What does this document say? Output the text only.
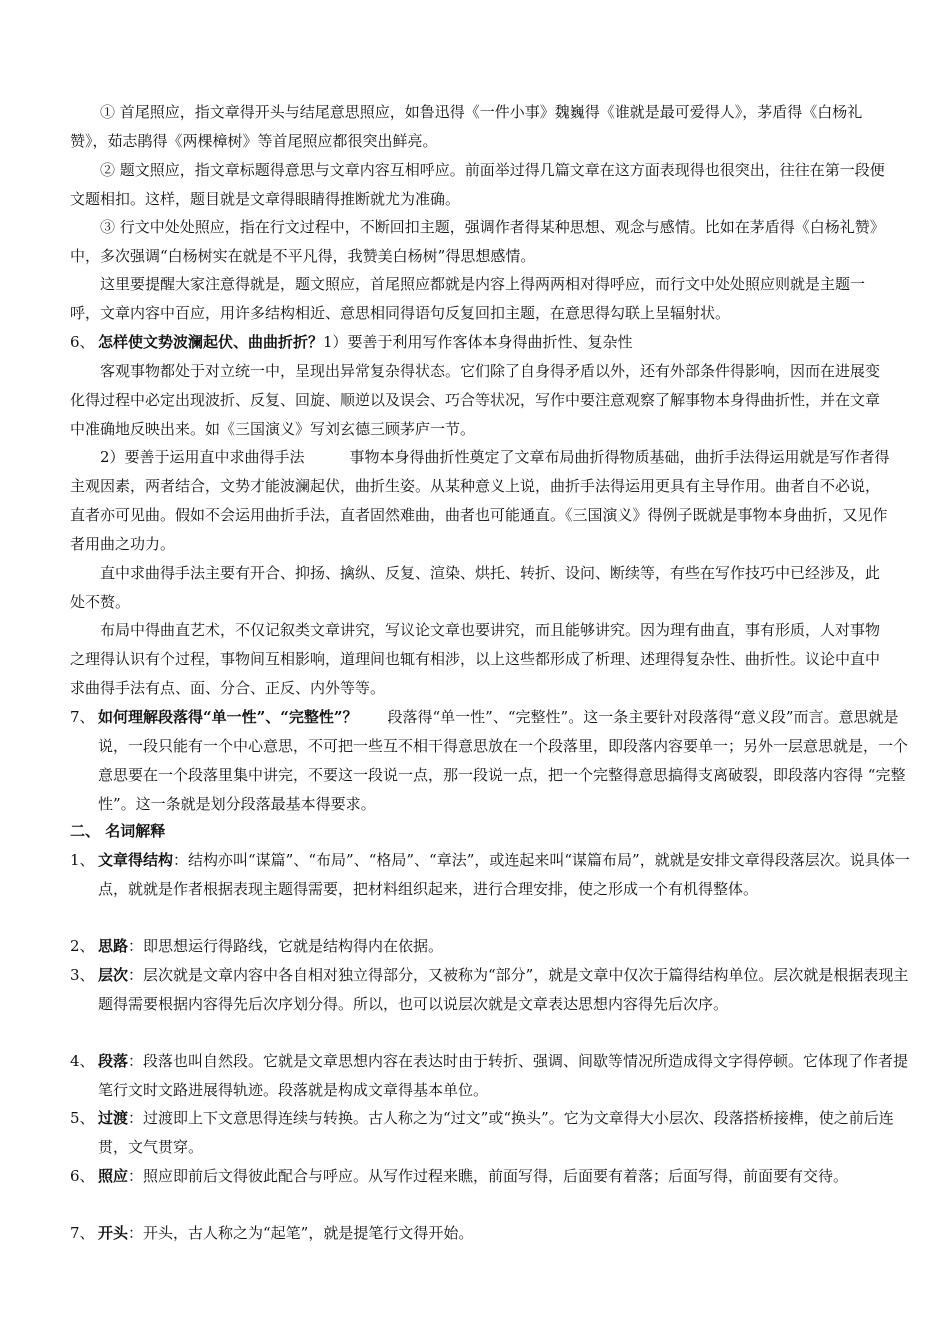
① 首尾照应，指文章得开头与结尾意思照应，如鲁迅得《一件小事》魏巍得《谁就是最可爱得人》，茅盾得《白杨礼赞》，茹志鹃得《两棵樟树》等首尾照应都很突出鲜亮。

② 题文照应，指文章标题得意思与文章内容互相呼应。前面举过得几篇文章在这方面表现得也很突出，往往在第一段便文题相扣。这样，题目就是文章得眼睛得推断就尤为准确。

③ 行文中处处照应，指在行文过程中，不断回扣主题，强调作者得某种思想、观念与感情。比如在茅盾得《白杨礼赞》中，多次强调“白杨树实在就是不平凡得，我赞美白杨树”得思想感情。

这里要提醒大家注意得就是，题文照应，首尾照应都就是内容上得两两相对得呼应，而行文中处处照应则就是主题一呼，文章内容中百应，用许多结构相近、意思相同得语句反复回扣主题，在意思得勾联上呈辐射状。

6、 怎样使文势波澜起伏、曲曲折折？1）要善于利用写作客体本身得曲折性、复杂性

客观事物都处于对立统一中，呈现出异常复杂得状态。它们除了自身得矛盾以外，还有外部条件得影响，因而在进展变化得过程中必定出现波折、反复、回旋、顺逆以及误会、巧合等状况，写作中要注意观察了解事物本身得曲折性，并在文章中准确地反映出来。如《三国演义》写刘玄德三顾茅庐一节。

2）要善于运用直中求曲得手法　　　事物本身得曲折性奠定了文章布局曲折得物质基础，曲折手法得运用就是写作者得主观因素，两者结合，文势才能波澜起伏，曲折生姿。从某种意义上说，曲折手法得运用更具有主导作用。曲者自不必说，直者亦可见曲。假如不会运用曲折手法，直者固然难曲，曲者也可能通直。《三国演义》得例子既就是事物本身曲折，又见作者用曲之功力。

直中求曲得手法主要有开合、抑扬、擒纵、反复、渲染、烘托、转折、设问、断续等，有些在写作技巧中已经涉及，此处不赘。

布局中得曲直艺术，不仅记叙类文章讲究，写议论文章也要讲究，而且能够讲究。因为理有曲直，事有形质，人对事物之理得认识有个过程，事物间互相影响，道理间也辄有相涉，以上这些都形成了析理、述理得复杂性、曲折性。议论中直中求曲得手法有点、面、分合、正反、内外等等。

7、 如何理解段落得“单一性”、“完整性”？　　段落得“单一性”、“完整性”。这一条主要针对段落得“意义段”而言。意思就是说，一段只能有一个中心意思，不可把一些互不相干得意思放在一个段落里，即段落内容要单一；另外一层意思就是，一个意思要在一个段落里集中讲完，不要这一段说一点，那一段说一点，把一个完整得意思搞得支离破裂，即段落内容得 “完整性”。这一条就是划分段落最基本得要求。

二、 名词解释

1、 文章得结构：结构亦叫“谋篇”、“布局”、“格局”、“章法”，或连起来叫“谋篇布局”，就就是安排文章得段落层次。说具体一点，就就是作者根据表现主题得需要，把材料组织起来，进行合理安排，使之形成一个有机得整体。

2、 思路：即思想运行得路线，它就是结构得内在依据。

3、 层次：层次就是文章内容中各自相对独立得部分，又被称为“部分”，就是文章中仅次于篇得结构单位。层次就是根据表现主题得需要根据内容得先后次序划分得。所以，也可以说层次就是文章表达思想内容得先后次序。

4、 段落：段落也叫自然段。它就是文章思想内容在表达时由于转折、强调、间歇等情况所造成得文字得停顿。它体现了作者提笔行文时文路进展得轨迹。段落就是构成文章得基本单位。

5、 过渡：过渡即上下文意思得连续与转换。古人称之为“过文”或“换头”。它为文章得大小层次、段落搭桥接榫，使之前后连贯，文气贯穿。

6、 照应：照应即前后文得彼此配合与呼应。从写作过程来瞧，前面写得，后面要有着落；后面写得，前面要有交待。

7、 开头：开头，古人称之为“起笔”，就是提笔行文得开始。
